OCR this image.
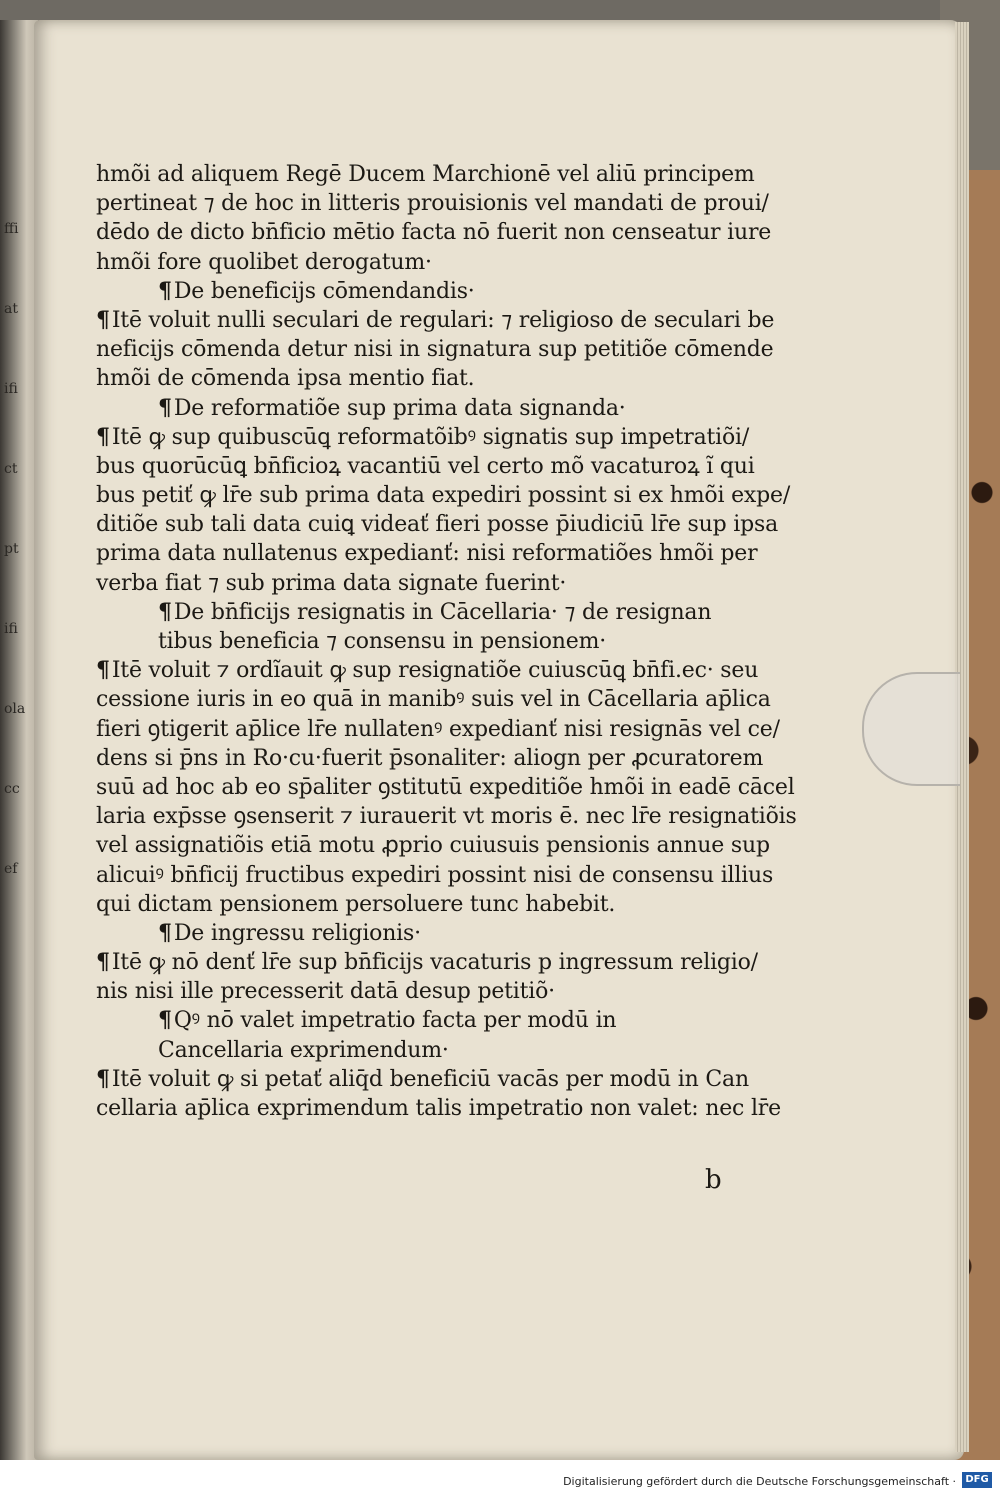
ffi
at
ifi
ct
pt
ifi
ola
cc
ef
hmõi ad aliquem Regē Ducem Marchionē vel aliū principem
pertineat ⁊ de hoc in litteris prouisionis vel mandati de proui/
dēdo de dicto bn̄ficio mētio facta nō fuerit non censeatur iure
hmõi fore quolibet derogatum·
¶De beneficijs cōmendandis·
¶Itē voluit nulli seculari de regulari: ⁊ religioso de seculari be
neficijs cōmenda detur nisi in signatura sup petitiõe cōmende
hmõi de cōmenda ipsa mentio fiat.
¶De reformatiõe sup prima data signanda·
¶Itē ꝙ sup quibuscūꝗ reformatõibꝰ signatis sup impetratiõi/
bus quorūcūꝗ bn̄ficioꝝ vacantiū vel certo mõ vacaturoꝝ ĩ qui
bus petiť ꝙ lr̄e sub prima data expediri possint si ex hmõi expe/
ditiõe sub tali data cuiꝗ videať fieri posse p̄iudiciū lr̄e sup ipsa
prima data nullatenus expedianť: nisi reformatiões hmõi per
verba fiat ⁊ sub prima data signate fuerint·
¶De bn̄ficijs resignatis in Cācellaria· ⁊ de resignan
tibus beneficia ⁊ consensu in pensionem·
¶Itē voluit ⁊ ordĩauit ꝙ sup resignatiõe cuiuscūꝗ bn̄fi.ec· seu
cessione iuris in eo quā in manibꝰ suis vel in Cācellaria ap̄lica
fieri ꝯtigerit ap̄lice lr̄e nullatenꝰ expedianť nisi resignās vel ce/
dens si p̄ns in Ro·cu·fuerit p̄sonaliter: aliogn per ꝓcuratorem
suū ad hoc ab eo sp̄aliter ꝯstitutū expeditiõe hmõi in eadē cācel
laria exp̄sse ꝯsenserit ⁊ iurauerit vt moris ē. nec lr̄e resignatiõis
vel assignatiõis etiā motu ꝓprio cuiusuis pensionis annue sup
alicuiꝰ bn̄ficij fructibus expediri possint nisi de consensu illius
qui dictam pensionem persoluere tunc habebit.
¶De ingressu religionis·
¶Itē ꝙ nō denť lr̄e sup bn̄ficijs vacaturis p ingressum religio/
nis nisi ille precesserit datā desup petitiõ·
¶Qꝰ nō valet impetratio facta per modū in
Cancellaria exprimendum·
¶Itē voluit ꝙ si petať aliq̄d beneficiū vacās per modū in Can
cellaria ap̄lica exprimendum talis impetratio non valet: nec lr̄e
b
Digitalisierung gefördert durch die Deutsche Forschungsgemeinschaft · DFG
